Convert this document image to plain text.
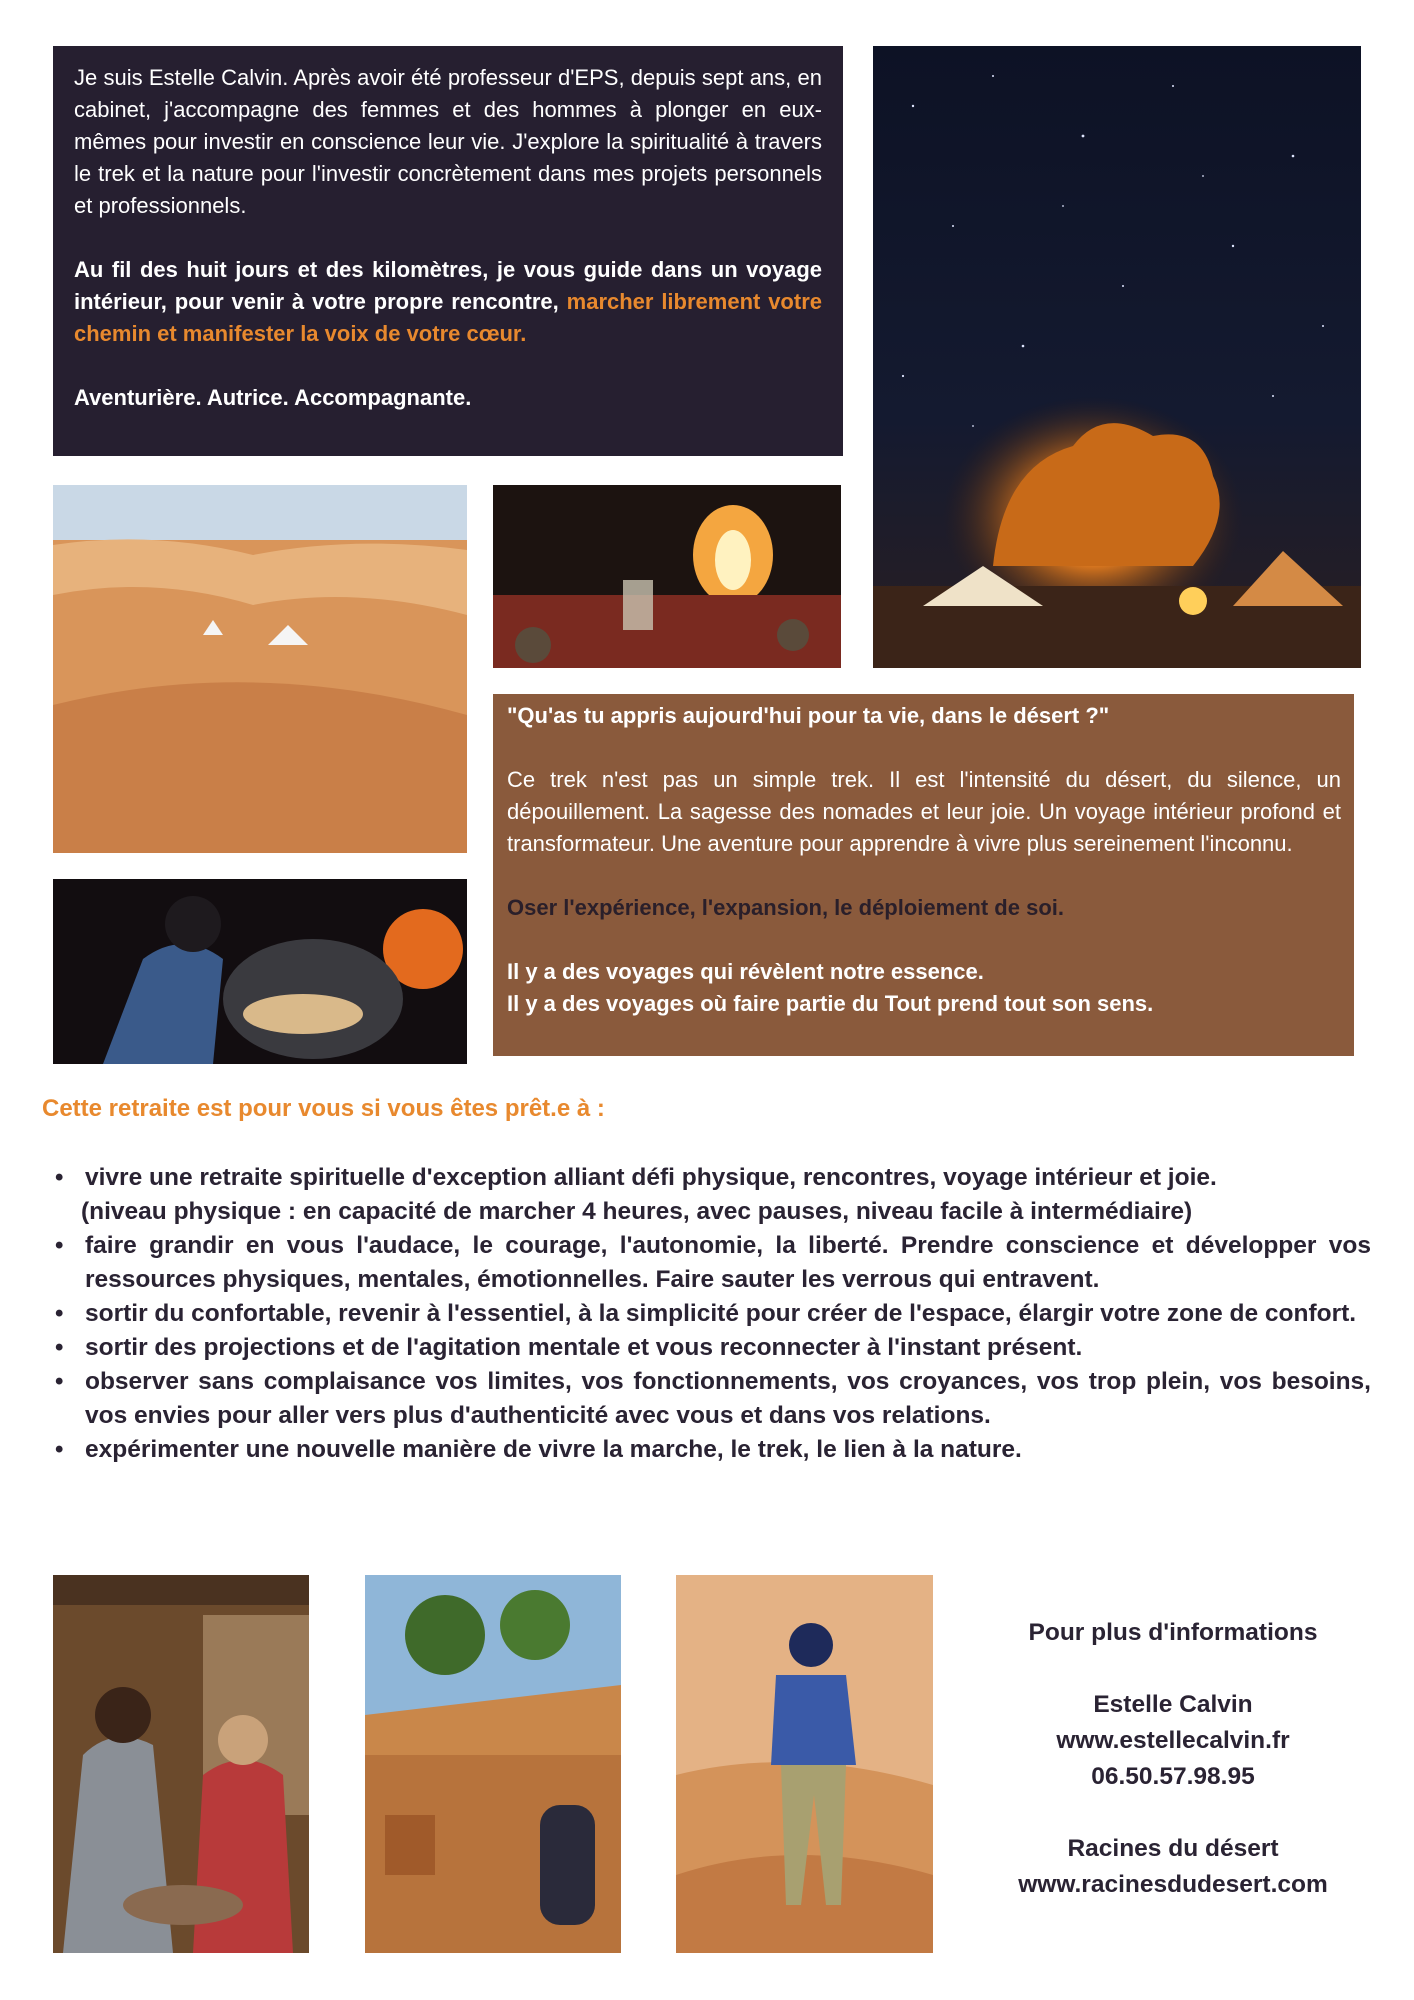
Je suis Estelle Calvin. Après avoir été professeur d'EPS, depuis sept ans, en cabinet, j'accompagne des femmes et des hommes à plonger en eux-mêmes pour investir en conscience leur vie. J'explore la spiritualité à travers le trek et la nature pour l'investir concrètement dans mes projets personnels et professionnels.

Au fil des huit jours et des kilomètres, je vous guide dans un voyage intérieur, pour venir à votre propre rencontre, marcher librement votre chemin et manifester la voix de votre cœur.

Aventurière. Autrice. Accompagnante.

"Qu'as tu appris aujourd'hui pour ta vie, dans le désert ?"

Ce trek n'est pas un simple trek. Il est l'intensité du désert, du silence, un dépouillement. La sagesse des nomades et leur joie. Un voyage intérieur profond et transformateur. Une aventure pour apprendre à vivre plus sereinement l'inconnu.

Oser l'expérience, l'expansion, le déploiement de soi.

Il y a des voyages qui révèlent notre essence.

Il y a des voyages où faire partie du Tout prend tout son sens.

Cette retraite est pour vous si vous êtes prêt.e à :
• vivre une retraite spirituelle d'exception alliant défi physique, rencontres, voyage intérieur et joie.
(niveau physique : en capacité de marcher 4 heures, avec pauses, niveau facile à intermédiaire)
• faire grandir en vous l'audace, le courage, l'autonomie, la liberté. Prendre conscience et développer vos ressources physiques, mentales, émotionnelles. Faire sauter les verrous qui entravent.
• sortir du confortable, revenir à l'essentiel, à la simplicité pour créer de l'espace, élargir votre zone de confort.
• sortir des projections et de l'agitation mentale et vous reconnecter à l'instant présent.
• observer sans complaisance vos limites, vos fonctionnements, vos croyances, vos trop plein, vos besoins, vos envies pour aller vers plus d'authenticité avec vous et dans vos relations.
• expérimenter une nouvelle manière de vivre la marche, le trek, le lien à la nature.
Pour plus d'informations
Estelle Calvin
www.estellecalvin.fr
06.50.57.98.95
Racines du désert
www.racinesdudesert.com
